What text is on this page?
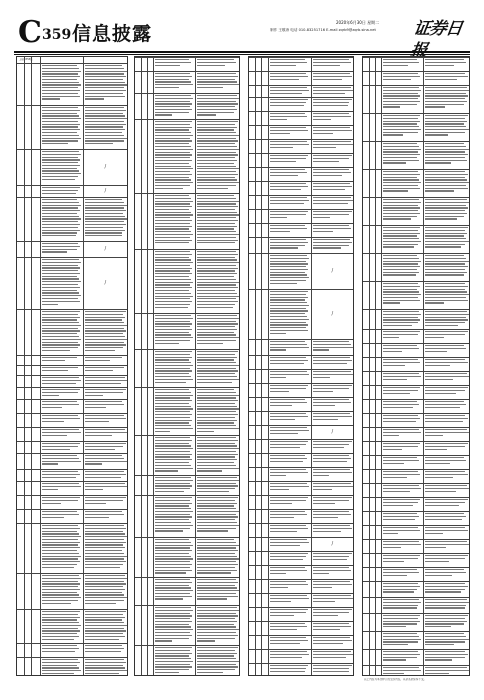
C 359 信息披露
2020年6月30日 星期二
制作 王敬涛 电话 010-83251716 E-mail zqrb9@zqrb.sina.net 证券日报
上接D358版
·
·
/
·
/
·
·
/
·
/
·
·
·
·
·
·
·
·
·
·
·
·
·
·
·
·
·
·
·
·
·
·
·
·
·
·
·
·
·
·
·
·
·
·
·
·
·
·
·
·
·
·
·
·
·
·
·
·
·
·
/
·
/
·
·
·
·
·
·
·
/
·
·
·
·
·
·
·
·
/
·
·
·
·
·
·
·
·
·
·
·
·
·
·
·
·
·
·
·
·
·
·
·
·
·
·
·
·
·
·
·
·
·
·
·
·
·
·
·
·
·
·
·
·
·
以上内容为本次修订的全部内容，其余条款保持不变。
